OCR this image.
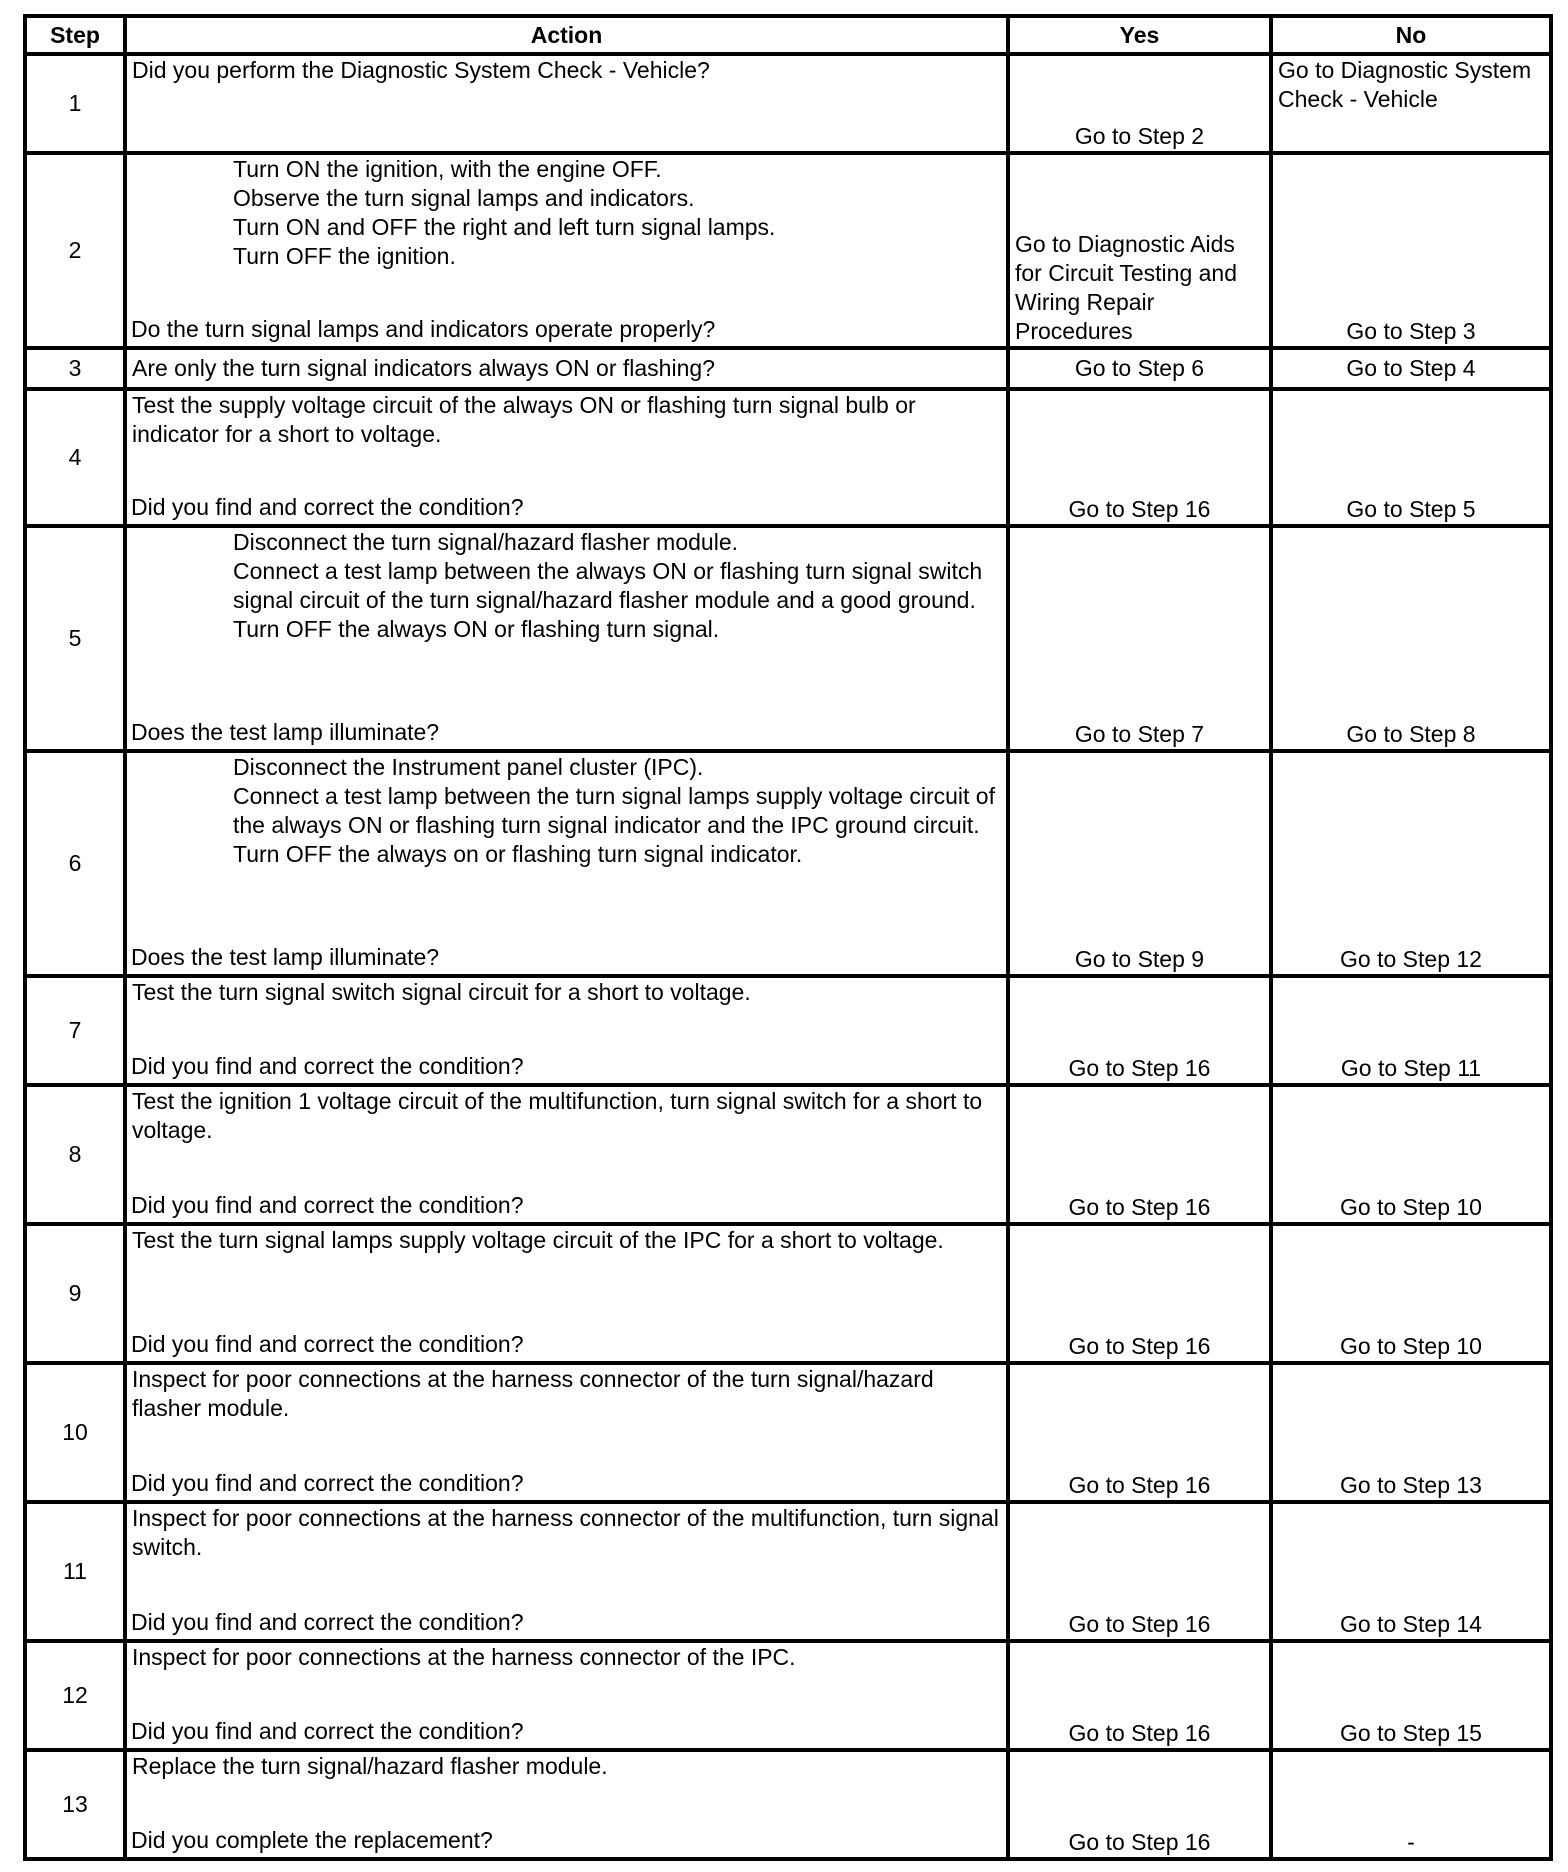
Step	Action	Yes	No
1	Did you perform the Diagnostic System Check - Vehicle?	Go to Step 2	Go to Diagnostic System Check - Vehicle
2	Turn ON the ignition, with the engine OFF.
Observe the turn signal lamps and indicators.
Turn ON and OFF the right and left turn signal lamps.
Turn OFF the ignition.
Do the turn signal lamps and indicators operate properly?	Go to Diagnostic Aids for Circuit Testing and Wiring Repair Procedures	Go to Step 3
3	Are only the turn signal indicators always ON or flashing?	Go to Step 6	Go to Step 4
4	Test the supply voltage circuit of the always ON or flashing turn signal bulb or indicator for a short to voltage.
Did you find and correct the condition?	Go to Step 16	Go to Step 5
5	Disconnect the turn signal/hazard flasher module.
Connect a test lamp between the always ON or flashing turn signal switch signal circuit of the turn signal/hazard flasher module and a good ground.
Turn OFF the always ON or flashing turn signal.
Does the test lamp illuminate?	Go to Step 7	Go to Step 8
6	Disconnect the Instrument panel cluster (IPC).
Connect a test lamp between the turn signal lamps supply voltage circuit of the always ON or flashing turn signal indicator and the IPC ground circuit.
Turn OFF the always on or flashing turn signal indicator.
Does the test lamp illuminate?	Go to Step 9	Go to Step 12
7	Test the turn signal switch signal circuit for a short to voltage.
Did you find and correct the condition?	Go to Step 16	Go to Step 11
8	Test the ignition 1 voltage circuit of the multifunction, turn signal switch for a short to voltage.
Did you find and correct the condition?	Go to Step 16	Go to Step 10
9	Test the turn signal lamps supply voltage circuit of the IPC for a short to voltage.
Did you find and correct the condition?	Go to Step 16	Go to Step 10
10	Inspect for poor connections at the harness connector of the turn signal/hazard flasher module.
Did you find and correct the condition?	Go to Step 16	Go to Step 13
11	Inspect for poor connections at the harness connector of the multifunction, turn signal switch.
Did you find and correct the condition?	Go to Step 16	Go to Step 14
12	Inspect for poor connections at the harness connector of the IPC.
Did you find and correct the condition?	Go to Step 16	Go to Step 15
13	Replace the turn signal/hazard flasher module.
Did you complete the replacement?	Go to Step 16	-
